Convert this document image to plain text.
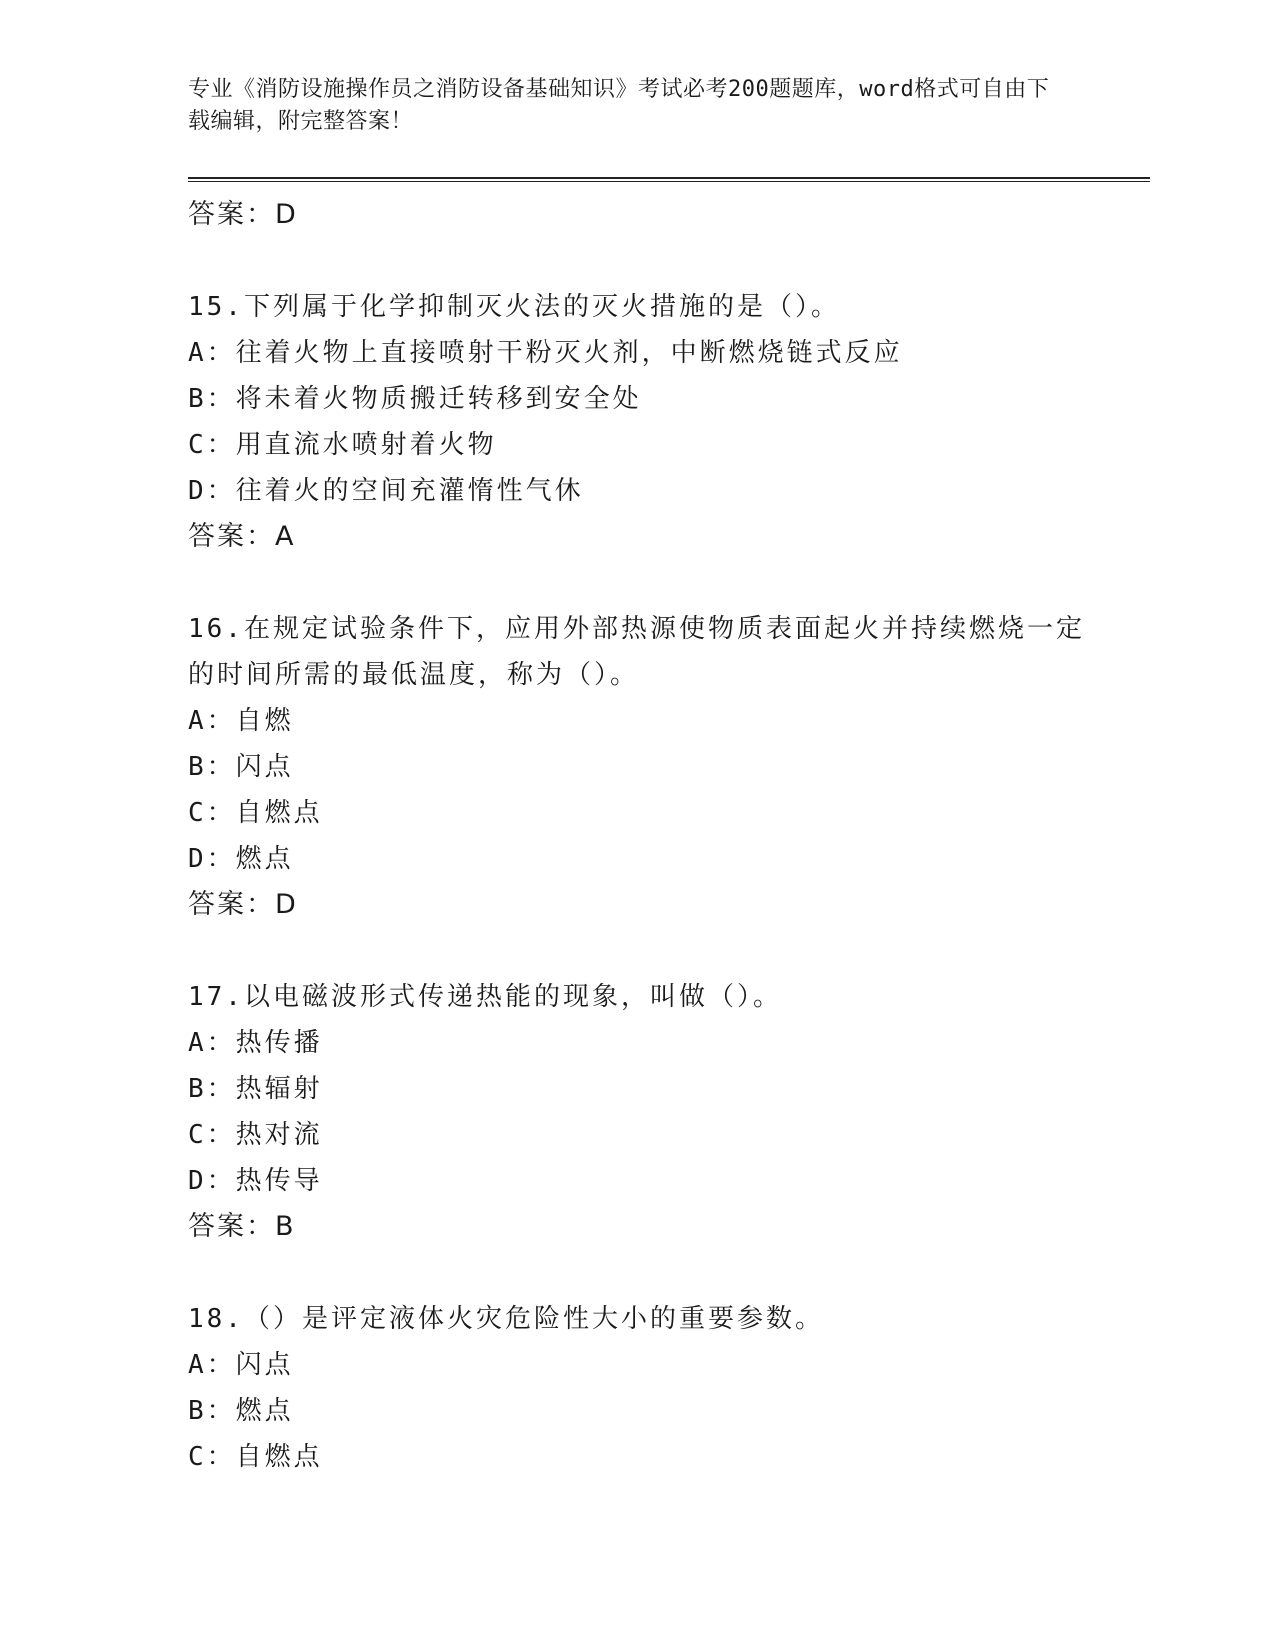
专业《消防设施操作员之消防设备基础知识》考试必考200题题库，word格式可自由下载编辑，附完整答案！
答案：D
15.下列属于化学抑制灭火法的灭火措施的是（）。
A：往着火物上直接喷射干粉灭火剂，中断燃烧链式反应
B：将未着火物质搬迁转移到安全处
C：用直流水喷射着火物
D：往着火的空间充灌惰性气休
答案：A
16.在规定试验条件下，应用外部热源使物质表面起火并持续燃烧一定
的时间所需的最低温度，称为（）。
A：自燃
B：闪点
C：自燃点
D：燃点
答案：D
17.以电磁波形式传递热能的现象，叫做（）。
A：热传播
B：热辐射
C：热对流
D：热传导
答案：B
18.（）是评定液体火灾危险性大小的重要参数。
A：闪点
B：燃点
C：自燃点
